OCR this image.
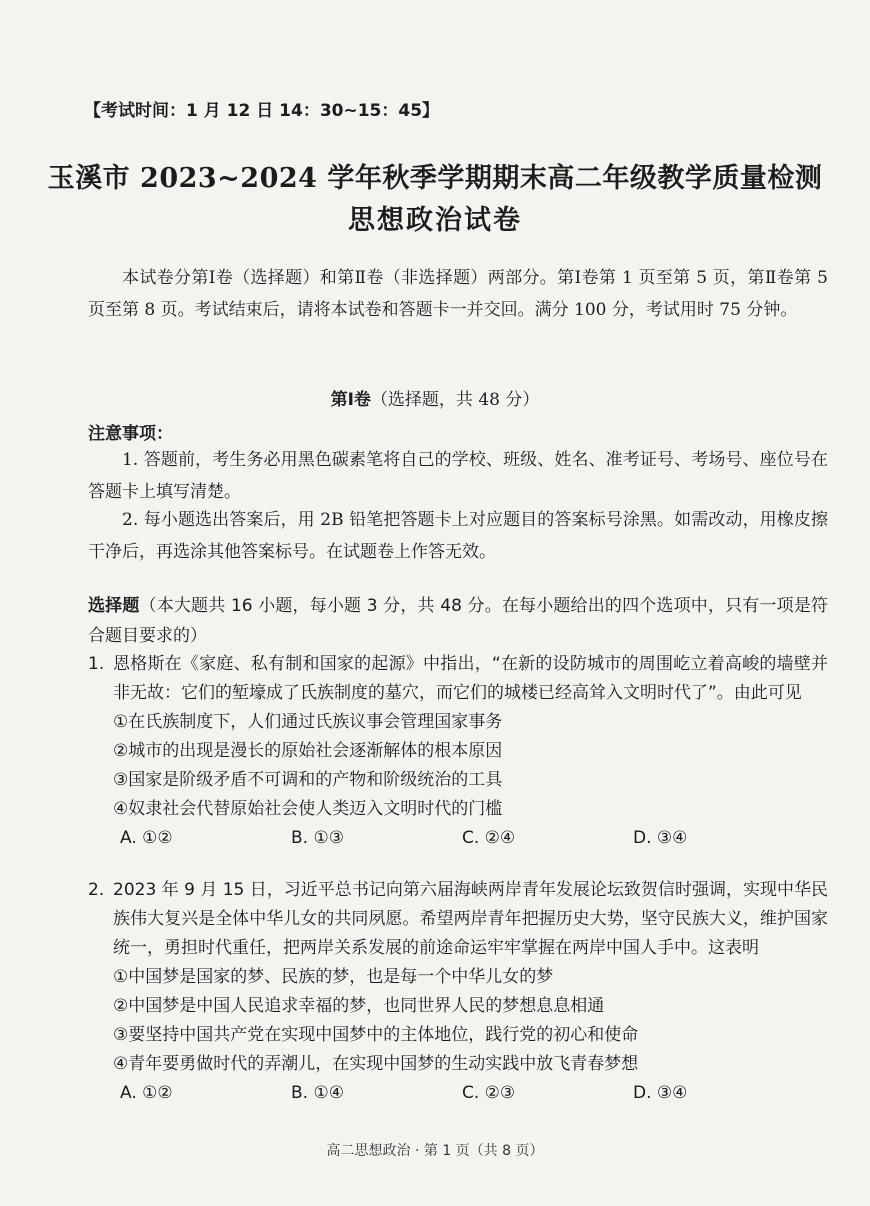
【考试时间：1 月 12 日 14：30~15：45】
玉溪市 2023~2024 学年秋季学期期末高二年级教学质量检测
思想政治试卷
本试卷分第Ⅰ卷（选择题）和第Ⅱ卷（非选择题）两部分。第Ⅰ卷第 1 页至第 5 页，第Ⅱ卷第 5 页至第 8 页。考试结束后，请将本试卷和答题卡一并交回。满分 100 分，考试用时 75 分钟。
第Ⅰ卷（选择题，共 48 分）
注意事项：
1. 答题前，考生务必用黑色碳素笔将自己的学校、班级、姓名、准考证号、考场号、座位号在答题卡上填写清楚。
2. 每小题选出答案后，用 2B 铅笔把答题卡上对应题目的答案标号涂黑。如需改动，用橡皮擦干净后，再选涂其他答案标号。在试题卷上作答无效。
选择题（本大题共 16 小题，每小题 3 分，共 48 分。在每小题给出的四个选项中，只有一项是符合题目要求的）
1. 恩格斯在《家庭、私有制和国家的起源》中指出，“在新的设防城市的周围屹立着高峻的墙壁并非无故：它们的堑壕成了氏族制度的墓穴，而它们的城楼已经高耸入文明时代了”。由此可见
①在氏族制度下，人们通过氏族议事会管理国家事务
②城市的出现是漫长的原始社会逐渐解体的根本原因
③国家是阶级矛盾不可调和的产物和阶级统治的工具
④奴隶社会代替原始社会使人类迈入文明时代的门槛
A. ①②	B. ①③	C. ②④	D. ③④
2. 2023 年 9 月 15 日，习近平总书记向第六届海峡两岸青年发展论坛致贺信时强调，实现中华民族伟大复兴是全体中华儿女的共同夙愿。希望两岸青年把握历史大势，坚守民族大义，维护国家统一，勇担时代重任，把两岸关系发展的前途命运牢牢掌握在两岸中国人手中。这表明
①中国梦是国家的梦、民族的梦，也是每一个中华儿女的梦
②中国梦是中国人民追求幸福的梦，也同世界人民的梦想息息相通
③要坚持中国共产党在实现中国梦中的主体地位，践行党的初心和使命
④青年要勇做时代的弄潮儿，在实现中国梦的生动实践中放飞青春梦想
A. ①②	B. ①④	C. ②③	D. ③④
高二思想政治 · 第 1 页（共 8 页）
